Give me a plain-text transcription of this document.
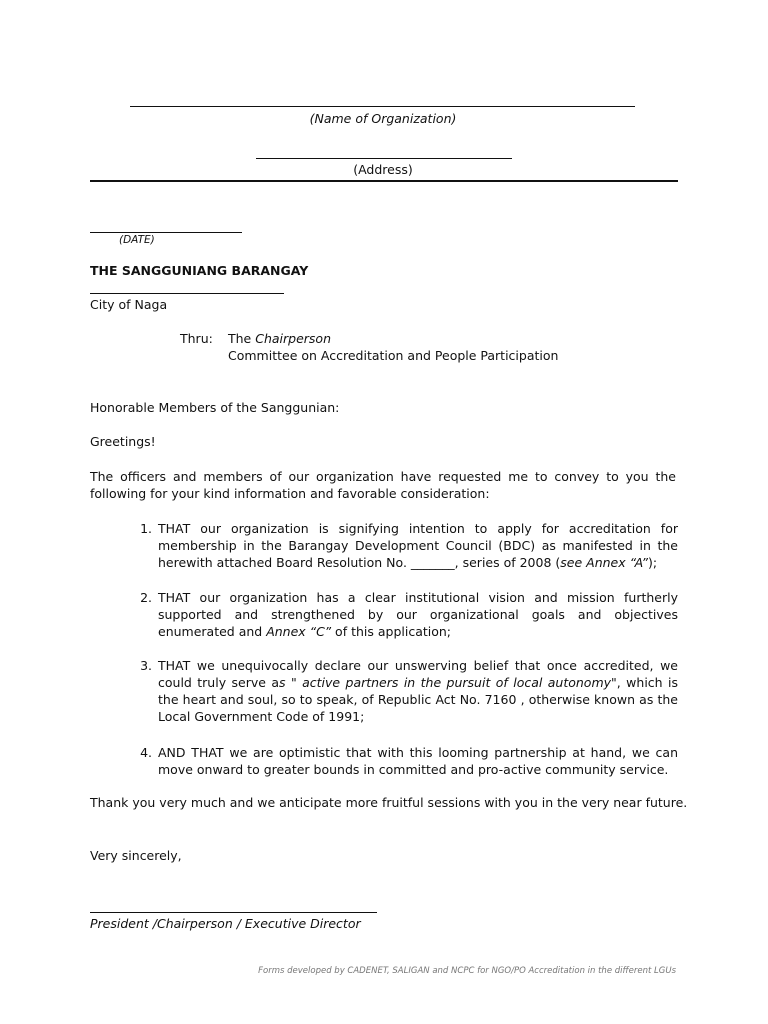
(Name of Organization)
(Address)
(DATE)
THE SANGGUNIANG BARANGAY
City of Naga
Thru: The Chairperson
Committee on Accreditation and People Participation
Honorable Members of the Sanggunian:
Greetings!
The officers and members of our organization have requested me to convey to you the following for your kind information and favorable consideration:
1. THAT our organization is signifying intention to apply for accreditation for membership in the Barangay Development Council (BDC) as manifested in the herewith attached Board Resolution No. _______, series of 2008 (see Annex “A”);
2. THAT our organization has a clear institutional vision and mission furtherly supported and strengthened by our organizational goals and objectives enumerated and Annex “C” of this application;
3. THAT we unequivocally declare our unswerving belief that once accredited, we could truly serve as " active partners in the pursuit of local autonomy", which is the heart and soul, so to speak, of Republic Act No. 7160 , otherwise known as the Local Government Code of 1991;
4. AND THAT we are optimistic that with this looming partnership at hand, we can move onward to greater bounds in committed and pro-active community service.
Thank you very much and we anticipate more fruitful sessions with you in the very near future.
Very sincerely,
President /Chairperson / Executive Director
Forms developed by CADENET, SALIGAN and NCPC for NGO/PO Accreditation in the different LGUs
